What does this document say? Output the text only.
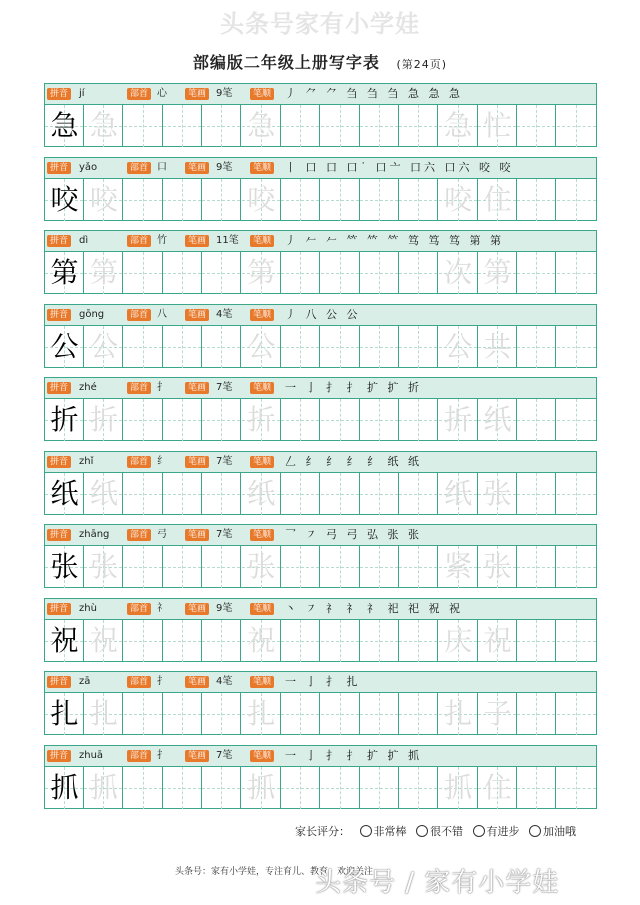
头条号家有小学娃
部编版二年级上册写字表 (第24页)
拼音	jí	部首 心	笔画 9笔	笔顺 丿 ⺈ ⺈ 刍 刍 刍 急 急 急
急 急	急	急 忙
拼音	yǎo	部首 口	笔画 9笔	笔顺 丨 口 口 口˙ 口亠 口六 口六 咬 咬
咬 咬	咬	咬 住
拼音	dì	部首 竹	笔画 11笔	笔顺 丿 𠂉 𠂉 𥫗 𥫗 𥫗 笃 笃 笃 第 第
第 第	第	次 第
拼音	gōng	部首 八	笔画 4笔	笔顺 丿 八 公 公
公 公	公	公 共
拼音	zhé	部首 扌	笔画 7笔	笔顺 一 亅 扌 扌 扩 扩 折
折 折	折	折 纸
拼音	zhǐ	部首 纟	笔画 7笔	笔顺 𠃋 纟 纟 纟 纟 纸 纸
纸 纸	纸	纸 张
拼音	zhāng	部首 弓	笔画 7笔	笔顺 乛 ㇇ 弓 弓 弘 张 张
张 张	张	紧 张
拼音	zhù	部首 礻	笔画 9笔	笔顺 丶 ㇇ 礻 礻 礻 祀 祀 祝 祝
祝 祝	祝	庆 祝
拼音	zā	部首 扌	笔画 4笔	笔顺 一 亅 扌 扎
扎 扎	扎	扎 子
拼音	zhuā	部首 扌	笔画 7笔	笔顺 一 亅 扌 扌 扩 扩 抓
抓 抓	抓	抓 住
家长评分： 非常棒 很不错 有进步 加油哦
头条号：家有小学娃，专注育儿、教育，欢迎关注
头条号 / 家有小学娃
